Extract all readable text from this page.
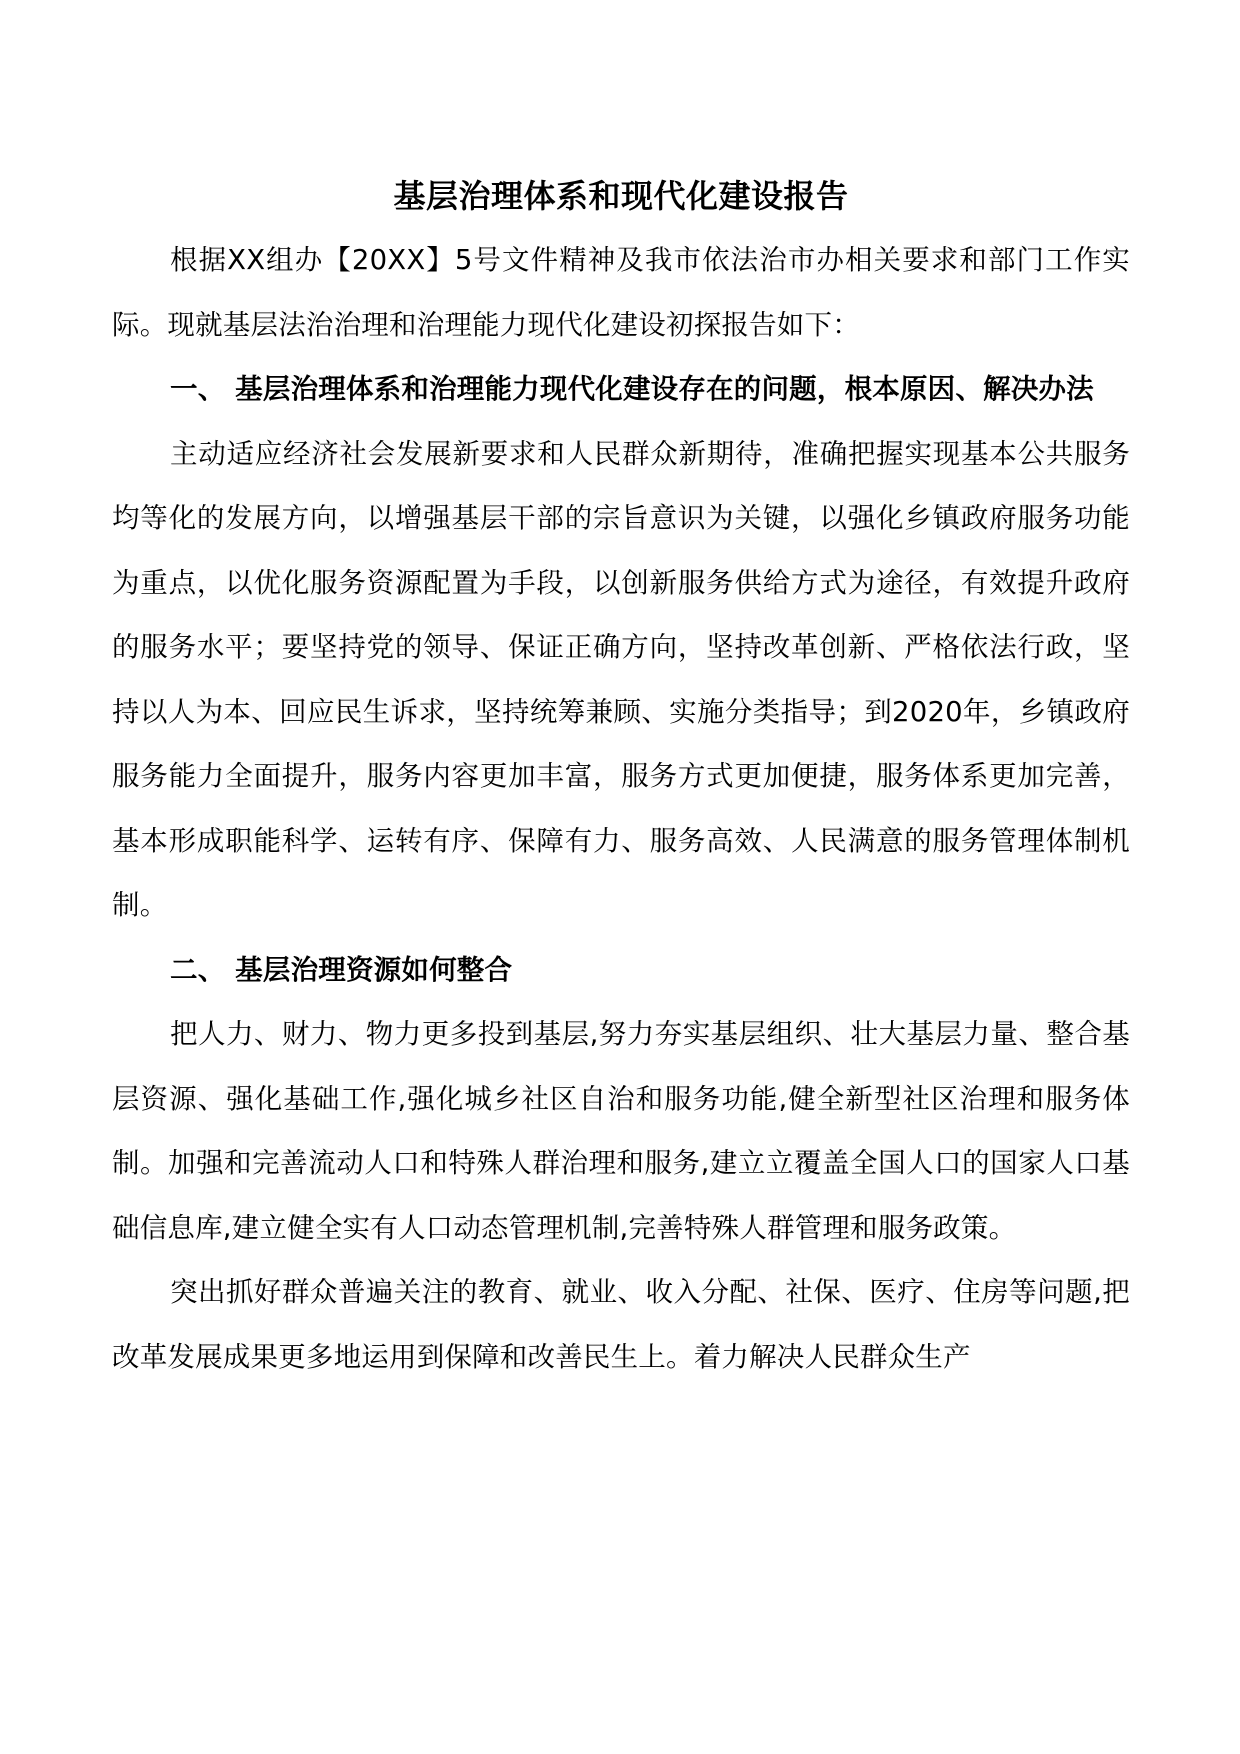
基层治理体系和现代化建设报告

根据XX组办【20XX】5号文件精神及我市依法治市办相关要求和部门工作实际。现就基层法治治理和治理能力现代化建设初探报告如下：

一、 基层治理体系和治理能力现代化建设存在的问题，根本原因、解决办法

主动适应经济社会发展新要求和人民群众新期待，准确把握实现基本公共服务均等化的发展方向，以增强基层干部的宗旨意识为关键，以强化乡镇政府服务功能为重点，以优化服务资源配置为手段，以创新服务供给方式为途径，有效提升政府的服务水平；要坚持党的领导、保证正确方向，坚持改革创新、严格依法行政，坚持以人为本、回应民生诉求，坚持统筹兼顾、实施分类指导；到2020年，乡镇政府服务能力全面提升，服务内容更加丰富，服务方式更加便捷，服务体系更加完善，基本形成职能科学、运转有序、保障有力、服务高效、人民满意的服务管理体制机制。

二、 基层治理资源如何整合

把人力、财力、物力更多投到基层,努力夯实基层组织、壮大基层力量、整合基层资源、强化基础工作,强化城乡社区自治和服务功能,健全新型社区治理和服务体制。加强和完善流动人口和特殊人群治理和服务,建立立覆盖全国人口的国家人口基础信息库,建立健全实有人口动态管理机制,完善特殊人群管理和服务政策。

突出抓好群众普遍关注的教育、就业、收入分配、社保、医疗、住房等问题,把改革发展成果更多地运用到保障和改善民生上。着力解决人民群众生产
